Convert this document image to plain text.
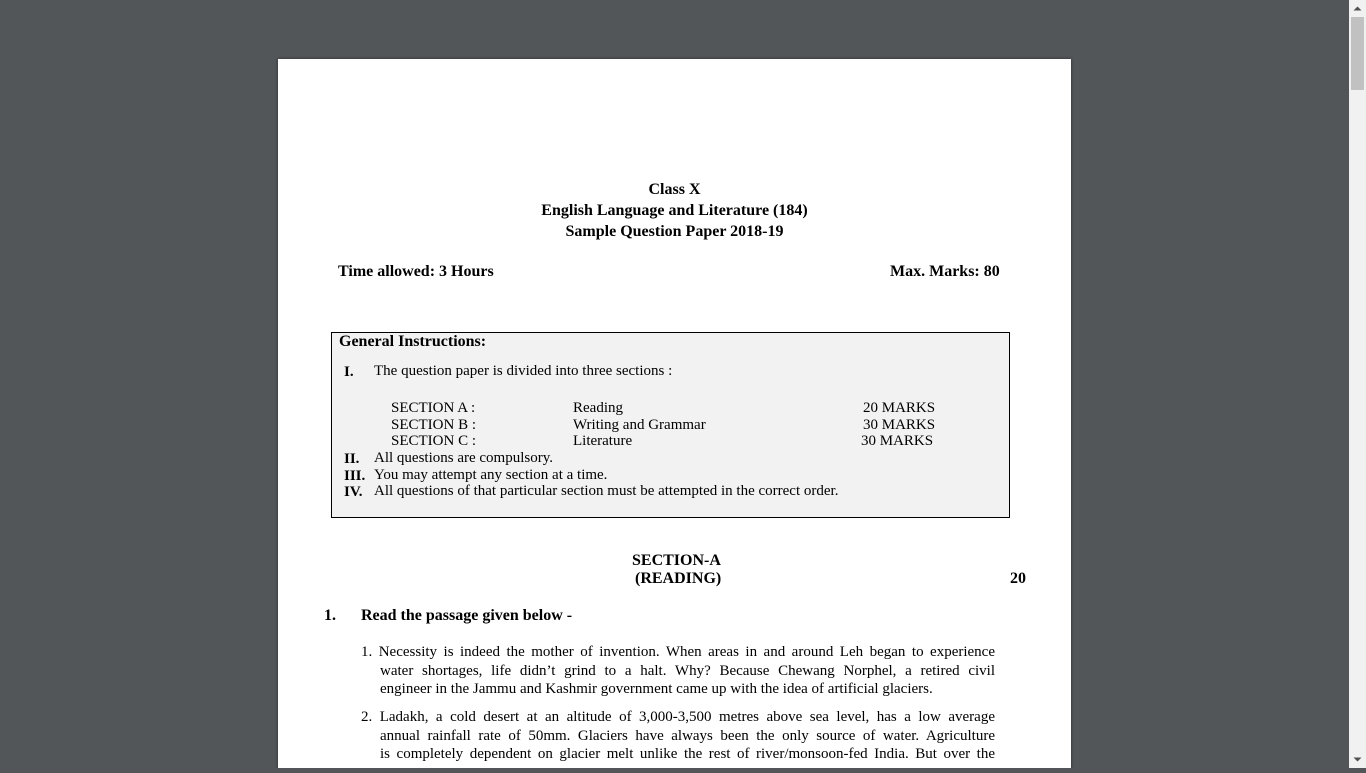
Class X
English Language and Literature (184)
Sample Question Paper 2018-19
Time allowed: 3 Hours	Max. Marks: 80
General Instructions:
I. The question paper is divided into three sections :
SECTION A :	Reading	20 MARKS
SECTION B :	Writing and Grammar	30 MARKS
SECTION C :	Literature	30 MARKS
II. All questions are compulsory.
III. You may attempt any section at a time.
IV. All questions of that particular section must be attempted in the correct order.
SECTION-A
(READING)	20
1. Read the passage given below -
1. Necessity is indeed the mother of invention. When areas in and around Leh began to experience
water shortages, life didn’t grind to a halt. Why? Because Chewang Norphel, a retired civil
engineer in the Jammu and Kashmir government came up with the idea of artificial glaciers.
2. Ladakh, a cold desert at an altitude of 3,000-3,500 metres above sea level, has a low average
annual rainfall rate of 50mm. Glaciers have always been the only source of water. Agriculture
is completely dependent on glacier melt unlike the rest of river/monsoon-fed India. But over the
